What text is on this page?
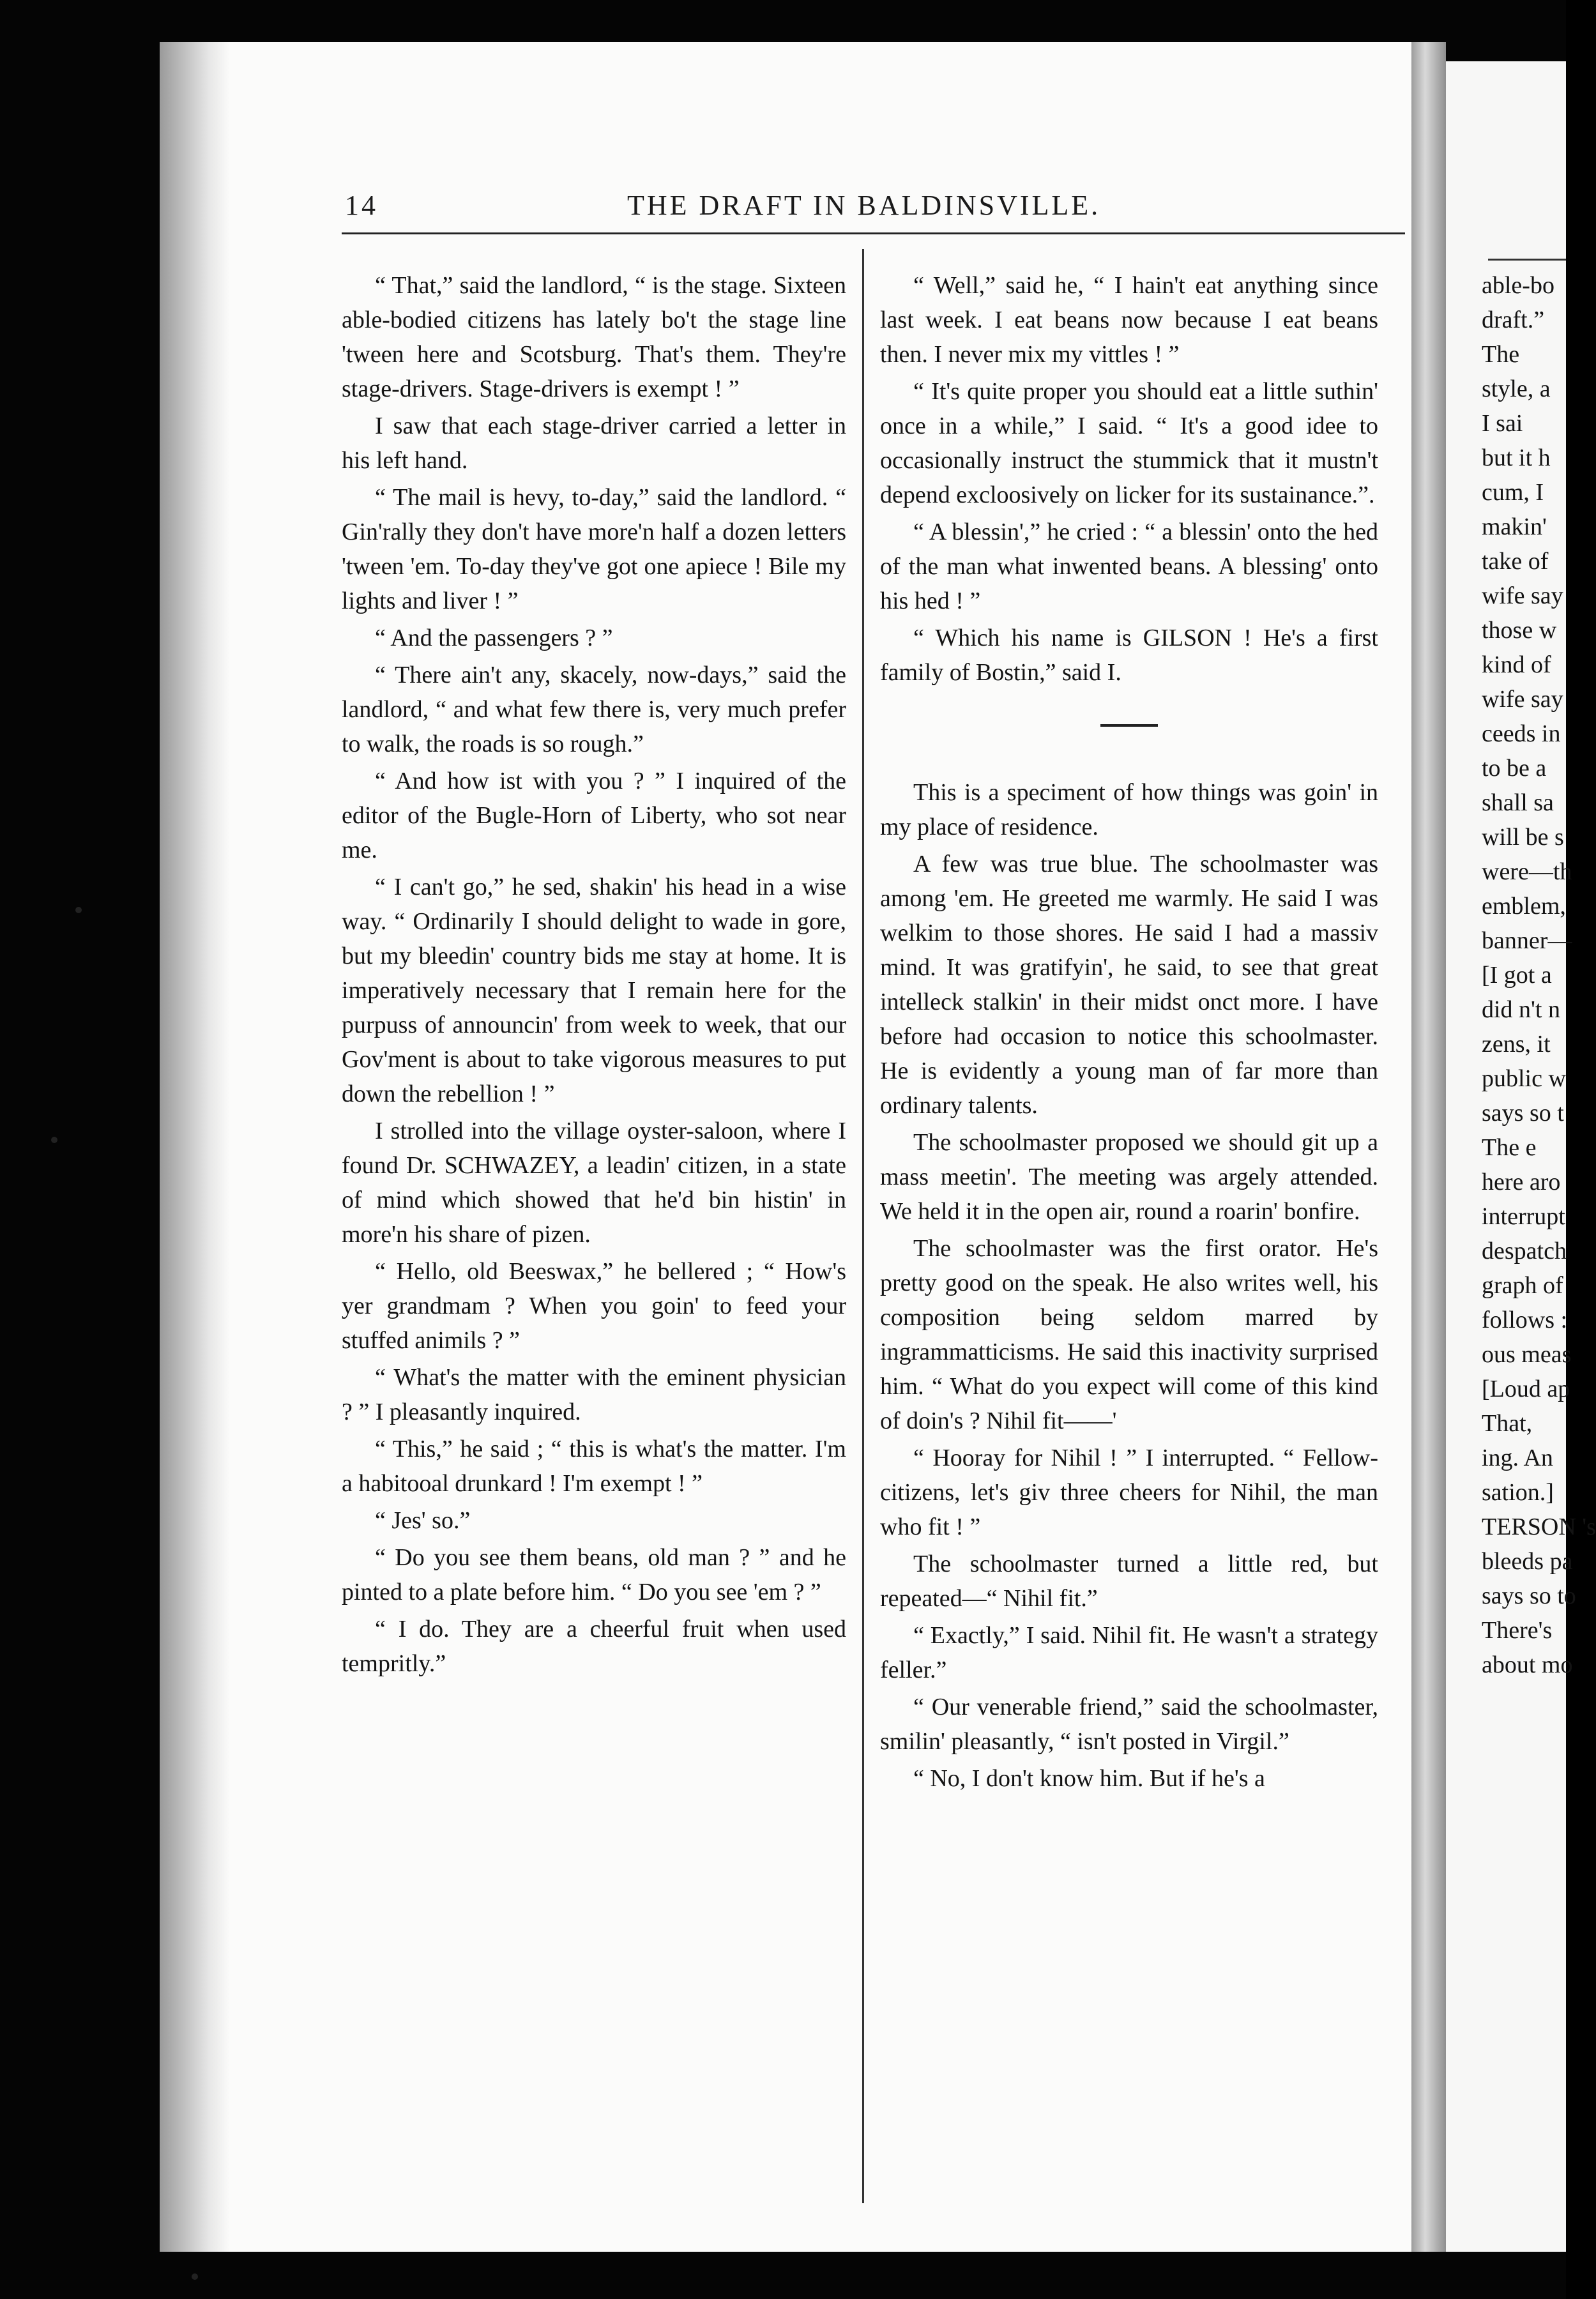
14	THE DRAFT IN BALDINSVILLE.

“ That,” said the landlord, “ is the stage. Sixteen able-bodied citizens has lately bo't the stage line 'tween here and Scotsburg. That's them. They're stage-drivers. Stage-drivers is exempt ! ”

I saw that each stage-driver carried a letter in his left hand.

“ The mail is hevy, to-day,” said the landlord. “ Gin'rally they don't have more'n half a dozen letters 'tween 'em. To-day they've got one apiece ! Bile my lights and liver ! ”

“ And the passengers ? ”

“ There ain't any, skacely, now-days,” said the landlord, “ and what few there is, very much prefer to walk, the roads is so rough.”

“ And how ist with you ? ” I inquired of the editor of the Bugle-Horn of Liberty, who sot near me.

“ I can't go,” he sed, shakin' his head in a wise way. “ Ordinarily I should delight to wade in gore, but my bleedin' country bids me stay at home. It is imperatively necessary that I remain here for the purpuss of announcin' from week to week, that our Gov'ment is about to take vigorous measures to put down the rebellion ! ”

I strolled into the village oyster-saloon, where I found Dr. SCHWAZEY, a leadin' citizen, in a state of mind which showed that he'd bin histin' in more'n his share of pizen.

“ Hello, old Beeswax,” he bellered ; “ How's yer grandmam ? When you goin' to feed your stuffed animils ? ”

“ What's the matter with the eminent physician ? ” I pleasantly inquired.

“ This,” he said ; “ this is what's the matter. I'm a habitooal drunkard ! I'm exempt ! ”

“ Jes' so.”

“ Do you see them beans, old man ? ” and he pinted to a plate before him. “ Do you see 'em ? ”

“ I do. They are a cheerful fruit when used tempritly.”

“ Well,” said he, “ I hain't eat anything since last week. I eat beans now because I eat beans then. I never mix my vittles ! ”

“ It's quite proper you should eat a little suthin' once in a while,” I said. “ It's a good idee to occasionally instruct the stummick that it mustn't depend excloosively on licker for its sustainance.”.

“ A blessin',” he cried : “ a blessin' onto the hed of the man what inwented beans. A blessing' onto his hed ! ”

“ Which his name is GILSON ! He's a first family of Bostin,” said I.

This is a speciment of how things was goin' in my place of residence.

A few was true blue. The schoolmaster was among 'em. He greeted me warmly. He said I was welkim to those shores. He said I had a massiv mind. It was gratifyin', he said, to see that great intelleck stalkin' in their midst onct more. I have before had occasion to notice this schoolmaster. He is evidently a young man of far more than ordinary talents.

The schoolmaster proposed we should git up a mass meetin'. The meeting was argely attended. We held it in the open air, round a roarin' bonfire.

The schoolmaster was the first orator. He's pretty good on the speak. He also writes well, his composition being seldom marred by ingrammatticisms. He said this inactivity surprised him. “ What do you expect will come of this kind of doin's ? Nihil fit——'

“ Hooray for Nihil ! ” I interrupted. “ Fellow-citizens, let's giv three cheers for Nihil, the man who fit ! ”

The schoolmaster turned a little red, but repeated—“ Nihil fit.”

“ Exactly,” I said. Nihil fit. He wasn't a strategy feller.”

“ Our venerable friend,” said the schoolmaster, smilin' pleasantly, “ isn't posted in Virgil.”

“ No, I don't know him. But if he's a

able-bo
draft.”
The
style, a
I sai
but it h
cum, I
makin'
take of
wife say
those w
kind of
wife say
ceeds in
to be a
shall sa
will be s
were—th
emblem,
banner—
[I got a
did n't n
zens, it
public w
says so t
The e
here aro
interrupt
despatch
graph of
follows :
ous meas
[Loud ap
That,
ing. An
sation.]
TERSON 's
bleeds pa
says so to
There's
about mo
